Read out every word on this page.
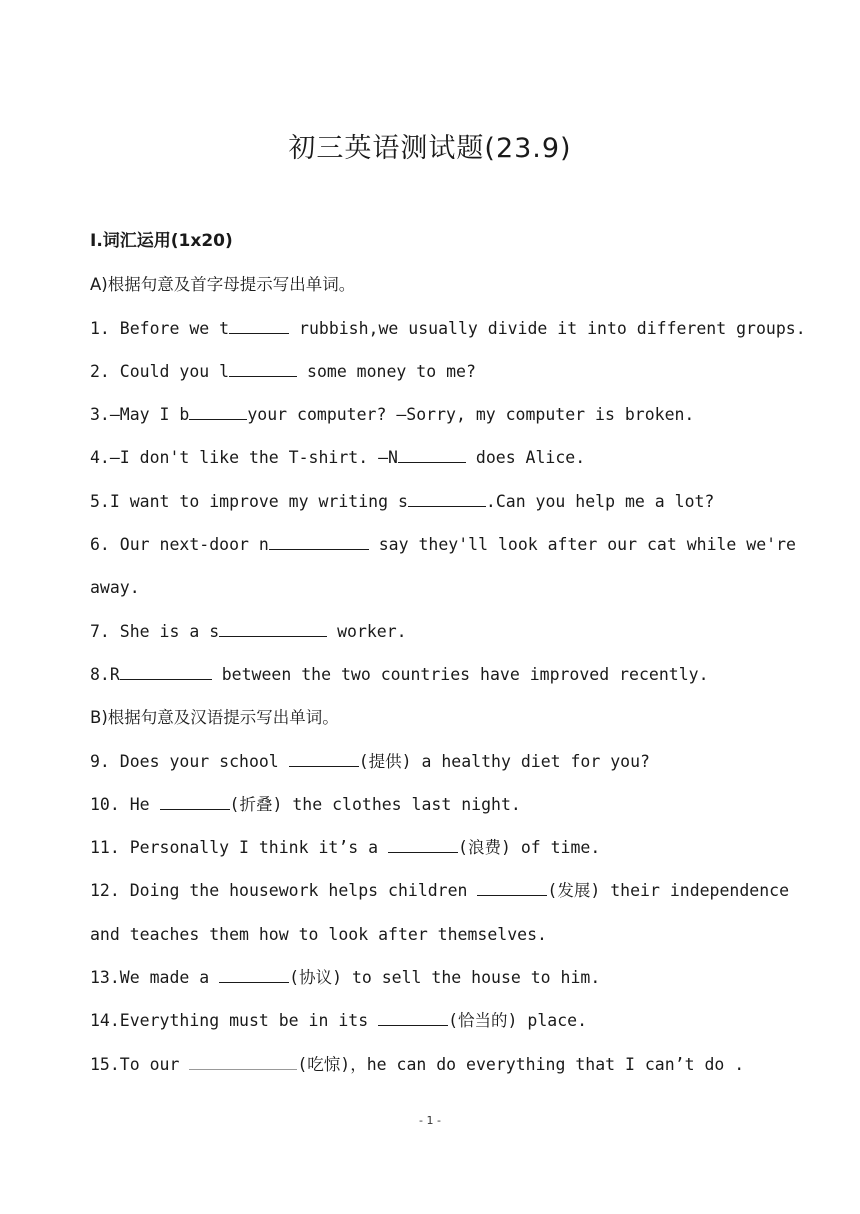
初三英语测试题(23.9)
I.词汇运用(1x20)
A)根据句意及首字母提示写出单词。
1. Before we t	rubbish,we usually divide it into different groups.
2. Could you l	some money to me?
3.—May I b	your computer? —Sorry, my computer is broken.
4.—I don't like the T-shirt. —N	does Alice.
5.I want to improve my writing s	.Can you help me a lot?
6. Our next-door n	say they'll look after our cat while we're
away.
7. She is a s	worker.
8.R	between the two countries have improved recently.
B)根据句意及汉语提示写出单词。
9. Does your school	(提供) a healthy diet for you?
10. He	(折叠) the clothes last night.
11. Personally I think it’s a	(浪费) of time.
12. Doing the housework helps children	(发展) their independence
and teaches them how to look after themselves.
13.We made a	(协议) to sell the house to him.
14.Everything must be in its	(恰当的) place.
15.To our	(吃惊)，he can do everything that I can’t do .
- 1 -
